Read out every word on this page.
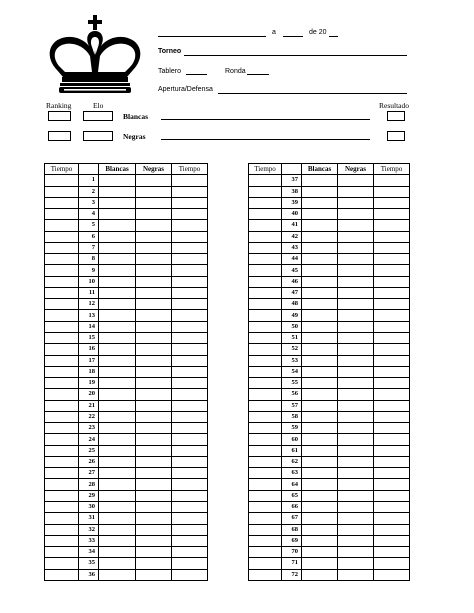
a	de 20
Torneo
Tablero	Ronda
Apertura/Defensa
Ranking	Elo	Resultado
Blancas
Negras
Tiempo		Blancas	Negras	Tiempo
	1			
	2			
	3			
	4			
	5			
	6			
	7			
	8			
	9			
	10			
	11			
	12			
	13			
	14			
	15			
	16			
	17			
	18			
	19			
	20			
	21			
	22			
	23			
	24			
	25			
	26			
	27			
	28			
	29			
	30			
	31			
	32			
	33			
	34			
	35			
	36			
Tiempo		Blancas	Negras	Tiempo
	37			
	38			
	39			
	40			
	41			
	42			
	43			
	44			
	45			
	46			
	47			
	48			
	49			
	50			
	51			
	52			
	53			
	54			
	55			
	56			
	57			
	58			
	59			
	60			
	61			
	62			
	63			
	64			
	65			
	66			
	67			
	68			
	69			
	70			
	71			
	72			
